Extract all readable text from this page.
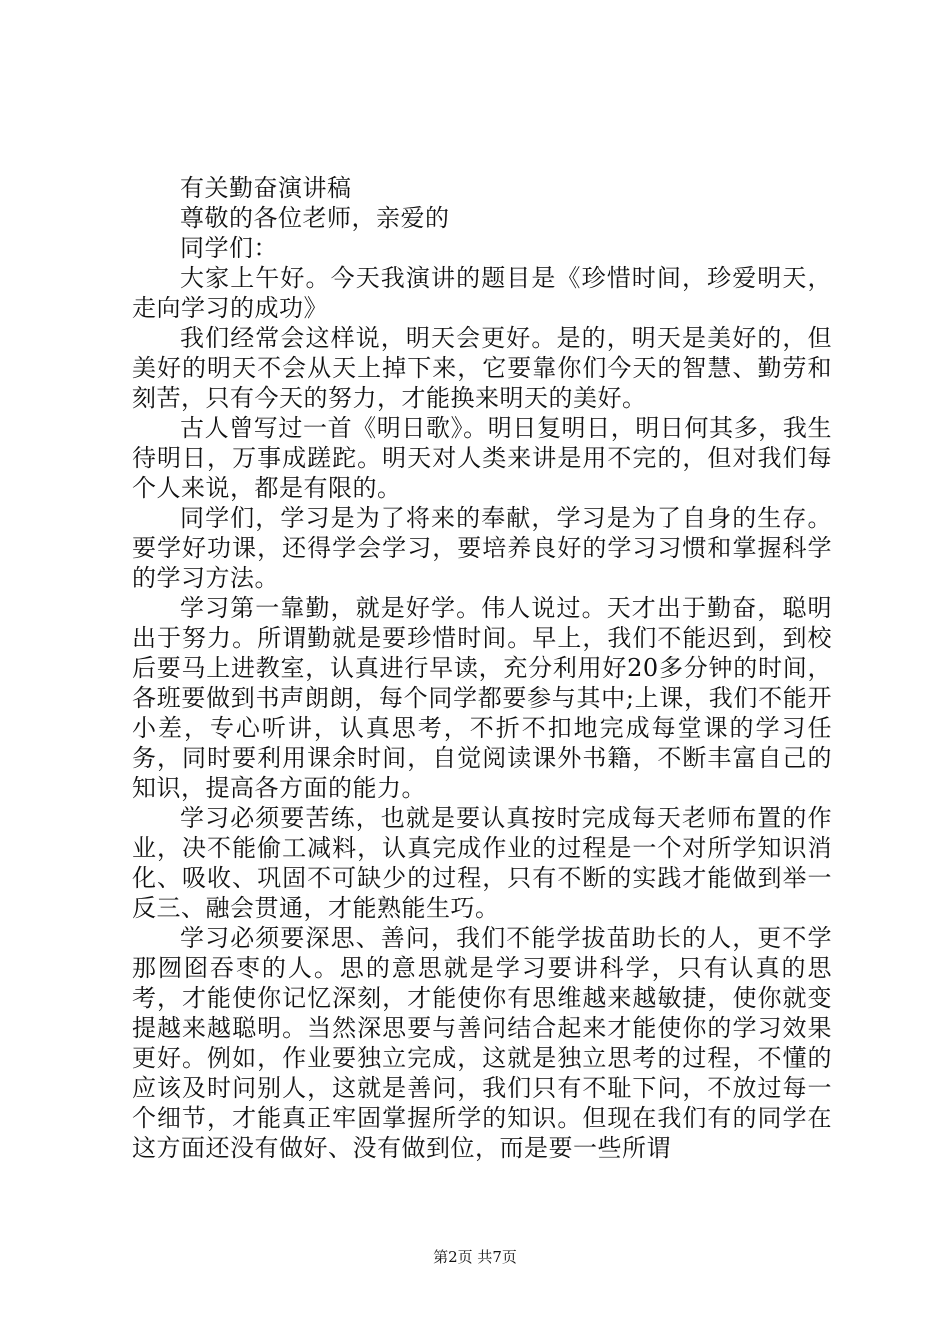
有关勤奋演讲稿

尊敬的各位老师，亲爱的

同学们：

大家上午好。今天我演讲的题目是《珍惜时间，珍爱明天，走向学习的成功》

我们经常会这样说，明天会更好。是的，明天是美好的，但美好的明天不会从天上掉下来，它要靠你们今天的智慧、勤劳和刻苦，只有今天的努力，才能换来明天的美好。

古人曾写过一首《明日歌》。明日复明日，明日何其多，我生待明日，万事成蹉跎。明天对人类来讲是用不完的，但对我们每个人来说，都是有限的。

同学们，学习是为了将来的奉献，学习是为了自身的生存。要学好功课，还得学会学习，要培养良好的学习习惯和掌握科学的学习方法。

学习第一靠勤，就是好学。伟人说过。天才出于勤奋，聪明出于努力。所谓勤就是要珍惜时间。早上，我们不能迟到，到校后要马上进教室，认真进行早读，充分利用好20多分钟的时间，各班要做到书声朗朗，每个同学都要参与其中;上课，我们不能开小差，专心听讲，认真思考，不折不扣地完成每堂课的学习任务，同时要利用课余时间，自觉阅读课外书籍，不断丰富自己的知识，提高各方面的能力。

学习必须要苦练，也就是要认真按时完成每天老师布置的作业，决不能偷工减料，认真完成作业的过程是一个对所学知识消化、吸收、巩固不可缺少的过程，只有不断的实践才能做到举一反三、融会贯通，才能熟能生巧。

学习必须要深思、善问，我们不能学拔苗助长的人，更不学那囫囵吞枣的人。思的意思就是学习要讲科学，只有认真的思考，才能使你记忆深刻，才能使你有思维越来越敏捷，使你就变提越来越聪明。当然深思要与善问结合起来才能使你的学习效果更好。例如，作业要独立完成，这就是独立思考的过程，不懂的应该及时问别人，这就是善问，我们只有不耻下问，不放过每一个细节，才能真正牢固掌握所学的知识。但现在我们有的同学在这方面还没有做好、没有做到位，而是要一些所谓

第2页 共7页
